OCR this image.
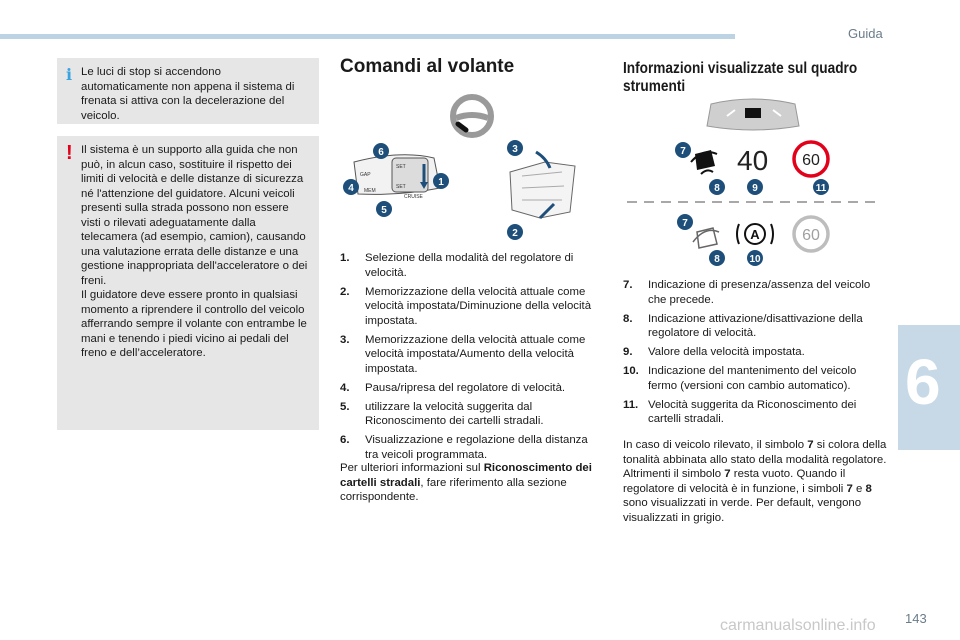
Guida
6
143
carmanualsonline.info
i Le luci di stop si accendono automaticamente non appena il sistema di frenata si attiva con la decelerazione del veicolo.
! Il sistema è un supporto alla guida che non può, in alcun caso, sostituire il rispetto dei limiti di velocità e delle distanze di sicurezza né l'attenzione del guidatore. Alcuni veicoli presenti sulla strada possono non essere visti o rilevati adeguatamente dalla telecamera (ad esempio, camion), causando una valutazione errata delle distanze e una gestione inappropriata dell'acceleratore o dei freni.
Il guidatore deve essere pronto in qualsiasi momento a riprendere il controllo del veicolo afferrando sempre il volante con entrambe le mani e tenendo i piedi vicino ai pedali del freno e dell’acceleratore.
Comandi al volante
GAP
SET
SET
MEM
CRUISE
1
2
3
4
5
6
1. Selezione della modalità del regolatore di velocità.
2. Memorizzazione della velocità attuale come velocità impostata/Diminuzione della velocità impostata.
3. Memorizzazione della velocità attuale come velocità impostata/Aumento della velocità impostata.
4. Pausa/ripresa del regolatore di velocità.
5. utilizzare la velocità suggerita dal Riconoscimento dei cartelli stradali.
6. Visualizzazione e regolazione della distanza tra veicoli programmata.

Per ulteriori informazioni sul Riconoscimento dei cartelli stradali, fare riferimento alla sezione corrispondente.

Informazioni visualizzate sul quadro strumenti
40 60
7
8	9	11
A	60
7
8	10
7. Indicazione di presenza/assenza del veicolo che precede.
8. Indicazione attivazione/disattivazione della regolatore di velocità.
9. Valore della velocità impostata.
10. Indicazione del mantenimento del veicolo fermo (versioni con cambio automatico).
11. Velocità suggerita da Riconoscimento dei cartelli stradali.

In caso di veicolo rilevato, il simbolo 7 si colora della tonalità abbinata allo stato della modalità regolatore. Altrimenti il simbolo 7 resta vuoto. Quando il regolatore di velocità è in funzione, i simboli 7 e 8 sono visualizzati in verde. Per default, vengono visualizzati in grigio.
